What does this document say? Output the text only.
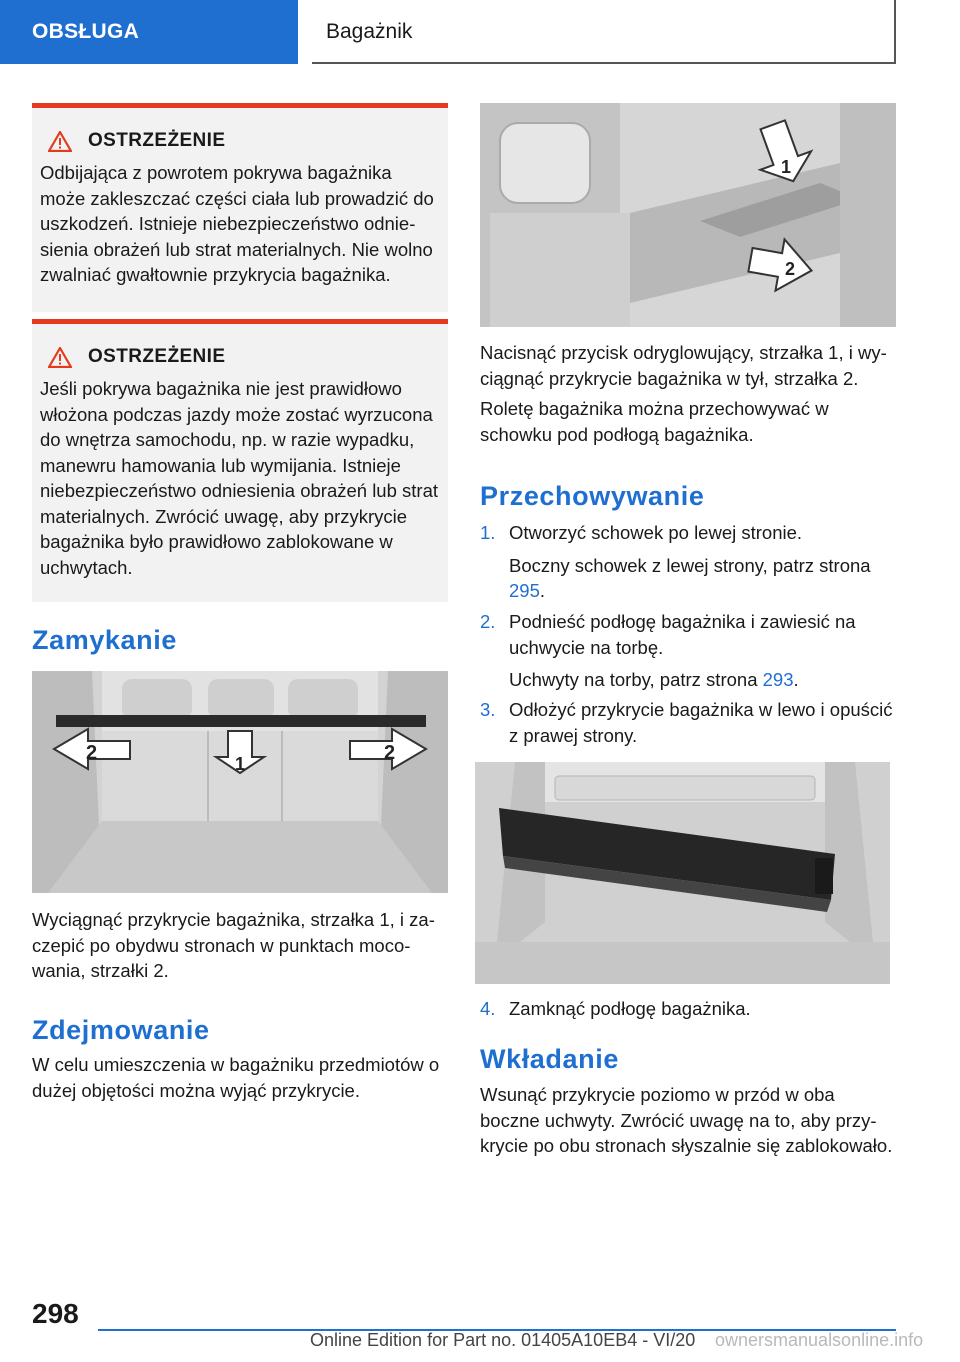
OBSŁUGA	Bagażnik
OSTRZEŻENIE
Odbijająca z powrotem pokrywa bagażnika może zakleszczać części ciała lub prowadzić do uszkodzeń. Istnieje niebezpieczeństwo odniesienia obrażeń lub strat materialnych. Nie wolno zwalniać gwałtownie przykrycia bagażnika.
OSTRZEŻENIE
Jeśli pokrywa bagażnika nie jest prawidłowo włożona podczas jazdy może zostać wyrzucona do wnętrza samochodu, np. w razie wypadku, manewru hamowania lub wymijania. Istnieje niebezpieczeństwo odniesienia obrażeń lub strat materialnych. Zwrócić uwagę, aby przykrycie bagażnika było prawidłowo zablokowane w uchwytach.
Zamykanie
2	1	2
Wyciągnąć przykrycie bagażnika, strzałka 1, i zaczepić po obydwu stronach w punktach mocowania, strzałki 2.
Zdejmowanie
W celu umieszczenia w bagażniku przedmiotów o dużej objętości można wyjąć przykrycie.
1
2
Nacisnąć przycisk odryglowujący, strzałka 1, i wyciągnąć przykrycie bagażnika w tył, strzałka 2.
Roletę bagażnika można przechowywać w schowku pod podłogą bagażnika.
Przechowywanie
1. Otworzyć schowek po lewej stronie.
Boczny schowek z lewej strony, patrz strona 295.
2. Podnieść podłogę bagażnika i zawiesić na uchwycie na torbę.
Uchwyty na torby, patrz strona 293.
3. Odłożyć przykrycie bagażnika w lewo i opuścić z prawej strony.
4. Zamknąć podłogę bagażnika.
Wkładanie
Wsunąć przykrycie poziomo w przód w oba boczne uchwyty. Zwrócić uwagę na to, aby przykrycie po obu stronach słyszalnie się zablokowało.
298
Online Edition for Part no. 01405A10EB4 - VI/20 ownersmanualsonline.info
